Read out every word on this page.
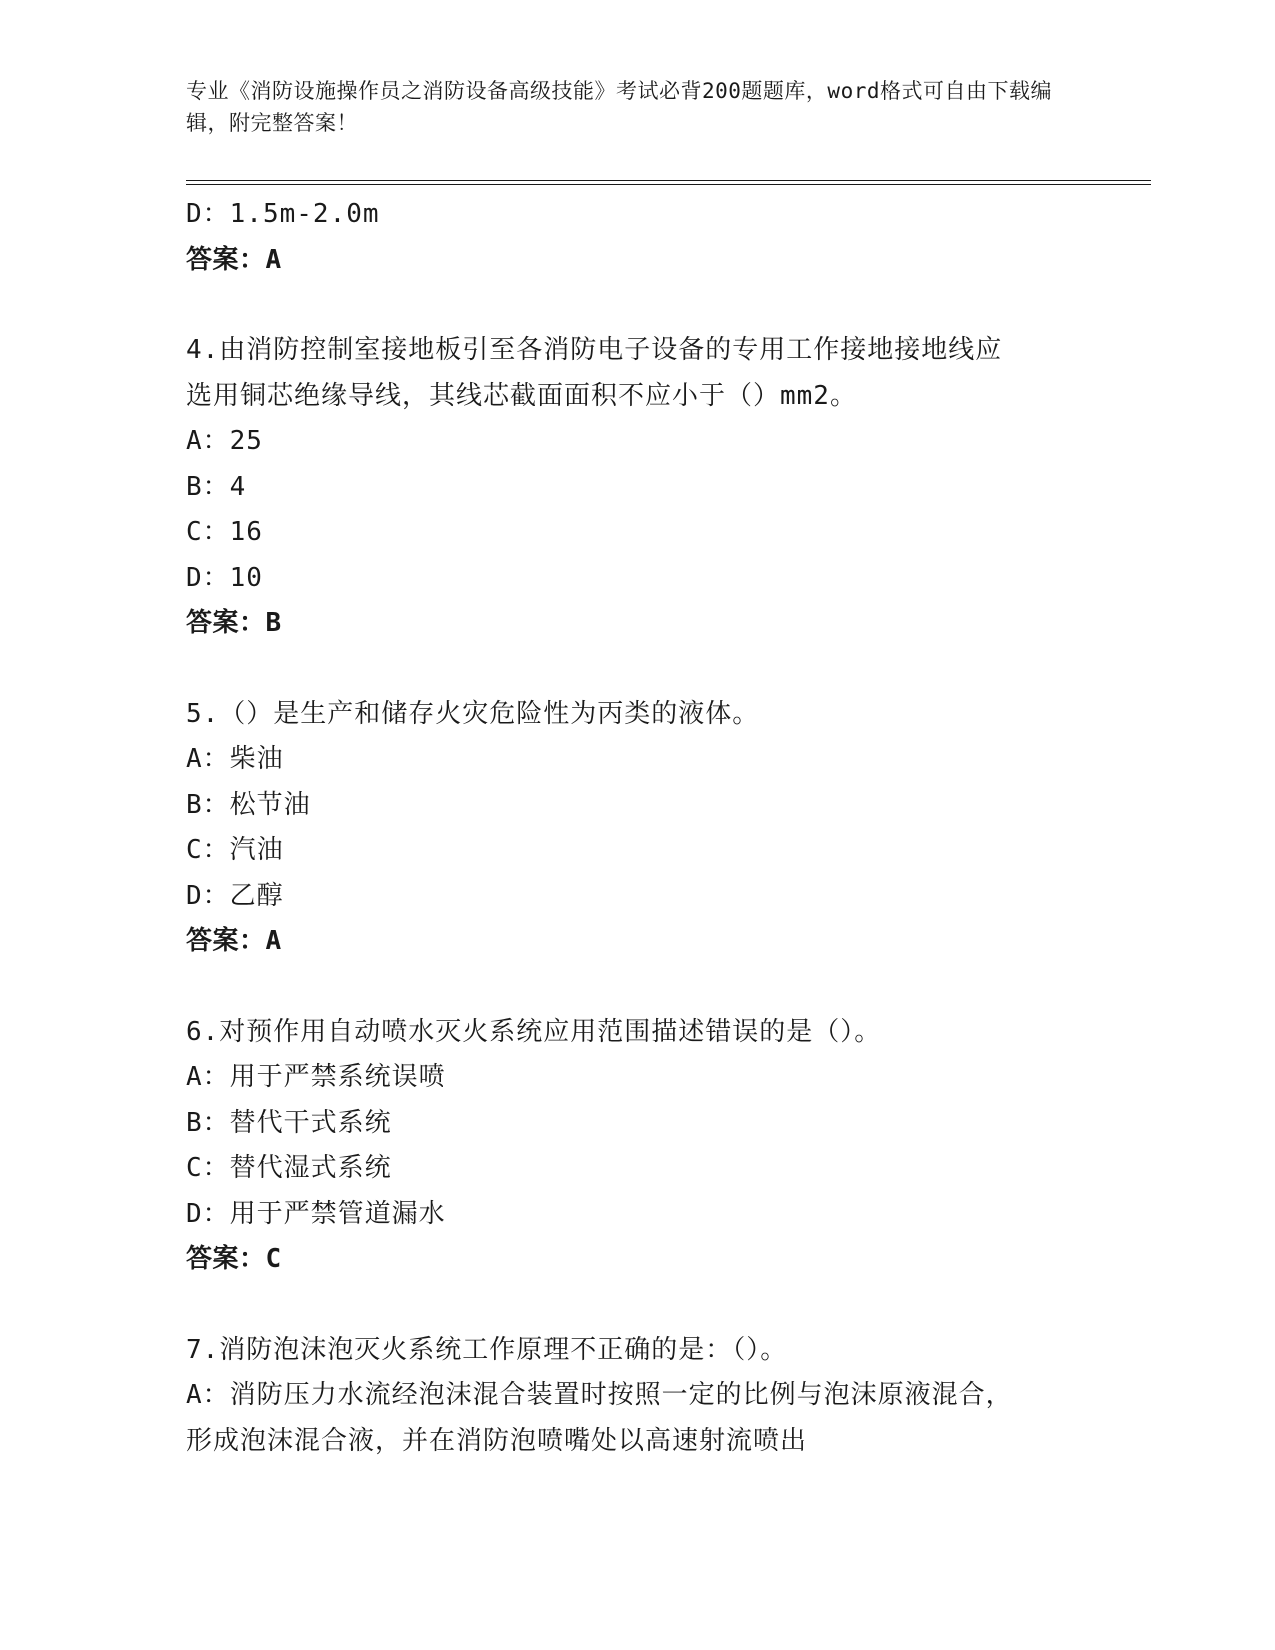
专业《消防设施操作员之消防设备高级技能》考试必背200题题库，word格式可自由下载编辑，附完整答案！
D：1.5m-2.0m
答案：A
4.由消防控制室接地板引至各消防电子设备的专用工作接地接地线应
选用铜芯绝缘导线，其线芯截面面积不应小于（）mm2。
A：25
B：4
C：16
D：10
答案：B
5.（）是生产和储存火灾危险性为丙类的液体。
A：柴油
B：松节油
C：汽油
D：乙醇
答案：A
6.对预作用自动喷水灭火系统应用范围描述错误的是（）。
A：用于严禁系统误喷
B：替代干式系统
C：替代湿式系统
D：用于严禁管道漏水
答案：C
7.消防泡沫泡灭火系统工作原理不正确的是：（）。
A：消防压力水流经泡沫混合装置时按照一定的比例与泡沫原液混合，
形成泡沫混合液，并在消防泡喷嘴处以高速射流喷出
